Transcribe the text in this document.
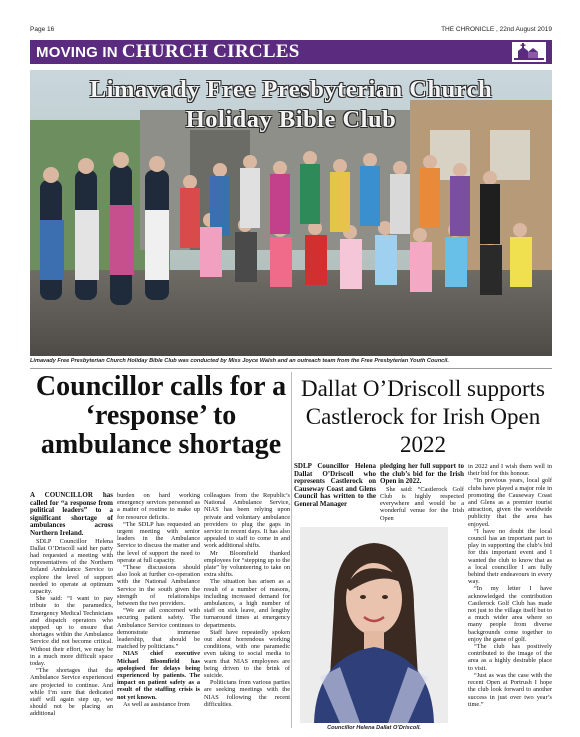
Page 16	THE CHRONICLE , 22nd August 2019
MOVING IN CHURCH CIRCLES
Limavady Free Presbyterian Church
Holiday Bible Club
Limavady Free Presbyterian Church Holiday Bible Club was conducted by Miss Joyce Walsh and an outreach team from the Free Presbyterian Youth Council.
Councillor calls for a ‘response’ to ambulance shortage
Dallat O’Driscoll supports Castlerock for Irish Open 2022

A COUNCILLOR has called for “a response from political leaders” to a significant shortage of ambulances across Northern Ireland.

SDLP Councillor Helena Dallat O’Driscoll said her party had requested a meeting with representatives of the Northern Ireland Ambulance Service to explore the level of support needed to operate at optimum capacity.

She said: “I want to pay tribute to the paramedics, Emergency Medical Technicians and dispatch operators who stepped up to ensure that shortages within the Ambulance Service did not become critical. Without their effort, we may be in a much more difficult space today.

“The shortages that the Ambulance Service experienced are projected to continue. And while I’m sure that dedicated staff will again step up, we should not be placing an additional

burden on hard working emergency services personnel as a matter of routine to make up for resource deficits.

“The SDLP has requested an urgent meeting with senior leaders in the Ambulance Service to discuss the matter and the level of support the need to operate at full capacity.

“These discussions should also look at further co-operation with the National Ambulance Service in the south given the strength of relationships between the two providers.

“We are all concerned with securing patient safety. The Ambulance Service continues to demonstrate immense leadership, that should be matched by politicians.”

NIAS chief executive Michael Bloomfield has apologised for delays being experienced by patients. The impact on patient safety as a result of the staffing crisis is not yet known.

As well as assistance from

colleagues from the Republic’s National Ambulance Service, NIAS has been relying upon private and voluntary ambulance providers to plug the gaps in service in recent days. It has also appealed to staff to come in and work additional shifts.

Mr Bloomfield thanked employees for “stepping up to the plate” by volunteering to take on extra shifts.

The situation has arisen as a result of a number of reasons, including increased demand for ambulances, a high number of staff on sick leave, and lengthy turnaround times at emergency departments.

Staff have repeatedly spoken out about horrendous working conditions, with one paramedic even taking to social media to warn that NIAS employees are being driven to the brink of suicide.

Politicians from various parties are seeking meetings with the NIAS following the recent difficulties.

SDLP Councillor Helena Dallat O’Driscoll who represents Castlerock on Causeway Coast and Glens Council has written to the General Manager

pledging her full support to the club’s bid for the Irish Open in 2022.

She said: “Castlerock Golf Club is highly respected everywhere and would be a wonderful venue for the Irish Open

in 2022 and I wish them well in their bid for this honour.

“In previous years, local golf clubs have played a major role in promoting the Causeway Coast and Glens as a premier tourist attraction, given the worldwide publicity that the area has enjoyed.

“I have no doubt the local council has an important part to play in supporting the club’s bid for this important event and I wanted the club to know that as a local councillor I am fully behind their endeavours in every way.

“In my letter I have acknowledged the contribution Castlerock Golf Club has made not just to the village itself but to a much wider area where so many people from diverse backgrounds come together to enjoy the game of golf.

“The club has positively contributed to the image of the area as a highly desirable place to visit.

“Just as was the case with the recent Open at Portrush I hope the club look forward to another success in just over two year’s time.”

Councillor Helena Dallat O’Driscoll.
